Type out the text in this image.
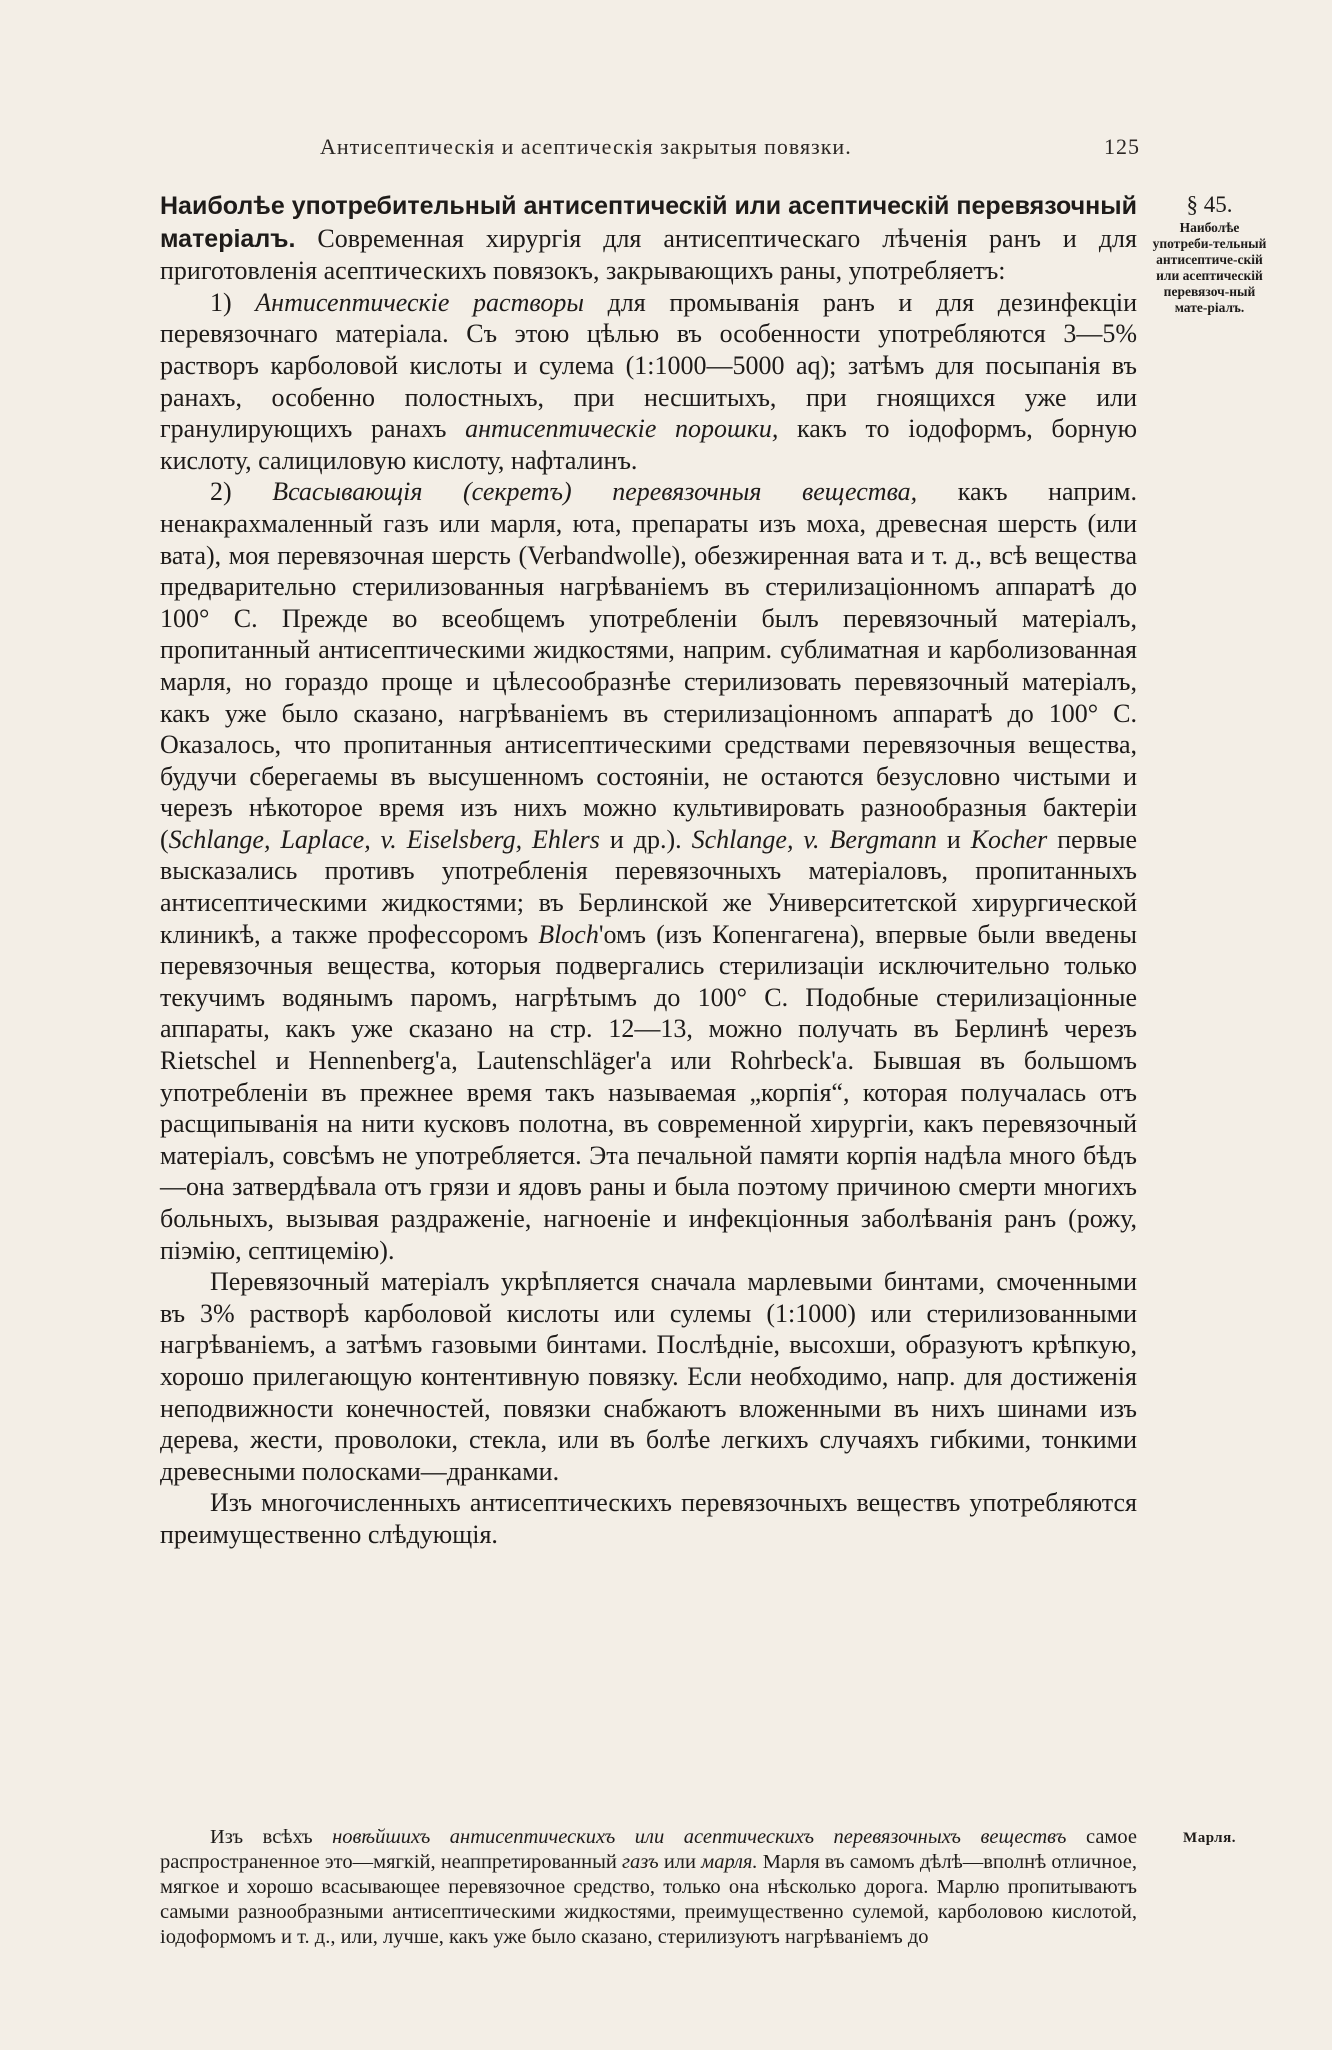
Антисептическія и асептическія закрытыя повязки.	125
§ 45.
Наиболѣе употреби-тельный антисептиче-скій или асептическій перевязоч-ный мате-ріалъ.

Наиболѣе употребительный антисептическій или асептическій перевязочный матеріалъ. Современная хирургія для антисептическаго лѣченія ранъ и для приготовленія асептическихъ повязокъ, закрывающихъ раны, употребляетъ:

1) Антисептическіе растворы для промыванія ранъ и для дезинфекціи перевязочнаго матеріала. Съ этою цѣлью въ особенности употребляются 3—5% растворъ карболовой кислоты и сулема (1:1000—5000 aq); затѣмъ для посыпанія въ ранахъ, особенно полостныхъ, при несшитыхъ, при гноящихся уже или гранулирующихъ ранахъ антисептическіе порошки, какъ то іодоформъ, борную кислоту, салициловую кислоту, нафталинъ.

2) Всасывающія (секретъ) перевязочныя вещества, какъ наприм. ненакрахмаленный газъ или марля, юта, препараты изъ моха, древесная шерсть (или вата), моя перевязочная шерсть (Verbandwolle), обезжиренная вата и т. д., всѣ вещества предварительно стерилизованныя нагрѣваніемъ въ стерилизаціонномъ аппаратѣ до 100° C. Прежде во всеобщемъ употребленіи былъ перевязочный матеріалъ, пропитанный антисептическими жидкостями, наприм. сублиматная и карболизованная марля, но гораздо проще и цѣлесообразнѣе стерилизовать перевязочный матеріалъ, какъ уже было сказано, нагрѣваніемъ въ стерилизаціонномъ аппаратѣ до 100° C. Оказалось, что пропитанныя антисептическими средствами перевязочныя вещества, будучи сберегаемы въ высушенномъ состояніи, не остаются безусловно чистыми и черезъ нѣкоторое время изъ нихъ можно культивировать разнообразныя бактеріи (Schlange, Laplace, v. Eiselsberg, Ehlers и др.). Schlange, v. Bergmann и Kocher первые высказались противъ употребленія перевязочныхъ матеріаловъ, пропитанныхъ антисептическими жидкостями; въ Берлинской же Университетской хирургической клиникѣ, а также профессоромъ Bloch'омъ (изъ Копенгагена), впервые были введены перевязочныя вещества, которыя подвергались стерилизаціи исключительно только текучимъ водянымъ паромъ, нагрѣтымъ до 100° C. Подобные стерилизаціонные аппараты, какъ уже сказано на стр. 12—13, можно получать въ Берлинѣ черезъ Rietschel и Hennenberg'a, Lautenschläger'a или Rohrbeck'a. Бывшая въ большомъ употребленіи въ прежнее время такъ называемая „корпія“, которая получалась отъ расщипыванія на нити кусковъ полотна, въ современной хирургіи, какъ перевязочный матеріалъ, совсѣмъ не употребляется. Эта печальной памяти корпія надѣла много бѣдъ—она затвердѣвала отъ грязи и ядовъ раны и была поэтому причиною смерти многихъ больныхъ, вызывая раздраженіе, нагноеніе и инфекціонныя заболѣванія ранъ (рожу, пiэмію, септицемію).

Перевязочный матеріалъ укрѣпляется сначала марлевыми бинтами, смоченными въ 3% растворѣ карболовой кислоты или сулемы (1:1000) или стерилизованными нагрѣваніемъ, а затѣмъ газовыми бинтами. Послѣдніе, высохши, образуютъ крѣпкую, хорошо прилегающую контентивную повязку. Если необходимо, напр. для достиженія неподвижности конечностей, повязки снабжаютъ вложенными въ нихъ шинами изъ дерева, жести, проволоки, стекла, или въ болѣе легкихъ случаяхъ гибкими, тонкими древесными полосками—дранками.

Изъ многочисленныхъ антисептическихъ перевязочныхъ веществъ употребляются преимущественно слѣдующія.

Марля.

Изъ всѣхъ новѣйшихъ антисептическихъ или асептическихъ перевязочныхъ веществъ самое распространенное это—мягкій, неаппретированный газъ или марля. Марля въ самомъ дѣлѣ—вполнѣ отличное, мягкое и хорошо всасывающее перевязочное средство, только она нѣсколько дорога. Марлю пропитываютъ самыми разнообразными антисептическими жидкостями, преимущественно сулемой, карболовою кислотой, іодоформомъ и т. д., или, лучше, какъ уже было сказано, стерилизуютъ нагрѣваніемъ до
